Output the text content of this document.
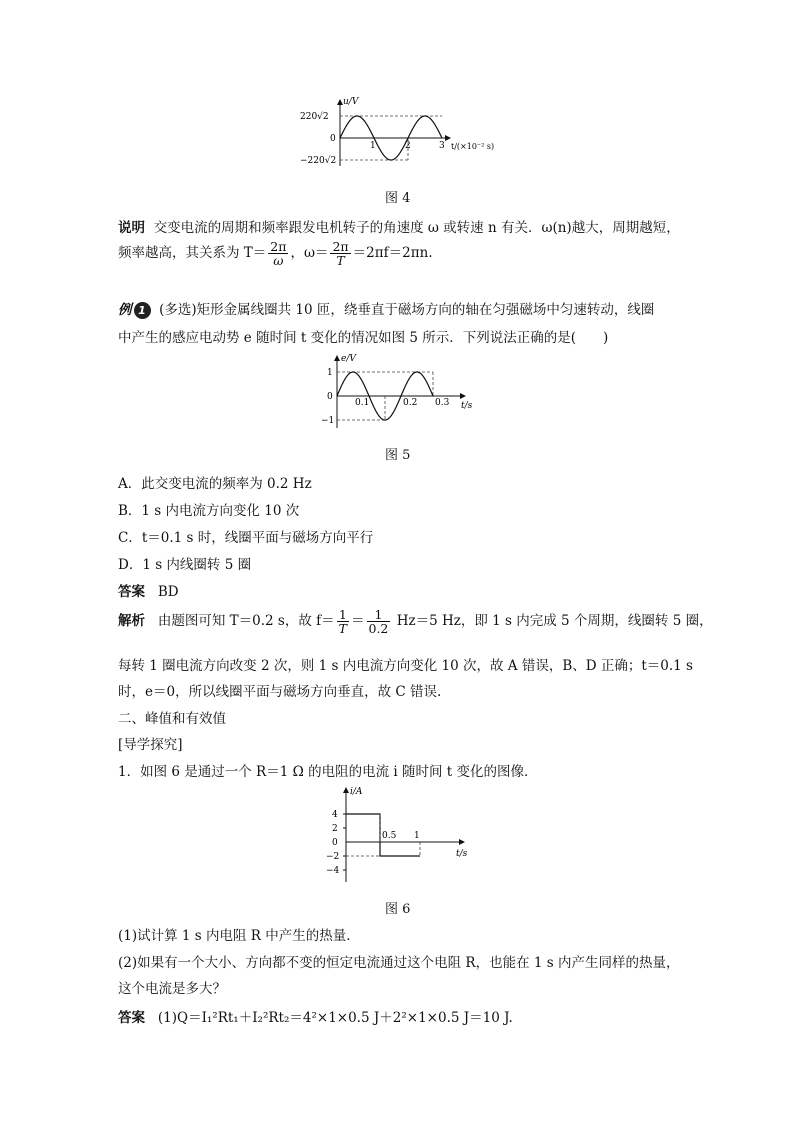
220√2
0
−220√2
u/V
1	2	3 t/(×10⁻² s)
图 4
说明 交变电流的周期和频率跟发电机转子的角速度 ω 或转速 n 有关．ω(n)越大，周期越短，
频率越高，其关系为 $T= \frac{2\pi}{\omega}$ ，$\omega= \frac{2\pi}{T} =2\pi f=2\pi n$.
例 1 (多选)矩形金属线圈共 10 匝，绕垂直于磁场方向的轴在匀强磁场中匀速转动，线圈
中产生的感应电动势 e 随时间 t 变化的情况如图 5 所示．下列说法正确的是(　　)
1
0
−1
e/V
0.1	0.2 0.3 t/s
图 5
A．此交变电流的频率为 0.2 Hz
B．1 s 内电流方向变化 10 次
C．t＝0.1 s 时，线圈平面与磁场方向平行
D．1 s 内线圈转 5 圈
答案 BD
解析 由题图可知 T＝0.2 s，故 $f= \frac{1}{T} = \frac{1}{0.2} Hz=5$ Hz，即 1 s 内完成 5 个周期，线圈转 5 圈，
每转 1 圈电流方向改变 2 次，则 1 s 内电流方向变化 10 次，故 A 错误，B、D 正确；t＝0.1 s
时，e＝0，所以线圈平面与磁场方向垂直，故 C 错误.
二、峰值和有效值
[导学探究]
1．如图 6 是通过一个 R＝1 Ω 的电阻的电流 i 随时间 t 变化的图像．
4
2
0
−2
−4
i/A
0.5 1
t/s
图 6
(1)试计算 1 s 内电阻 R 中产生的热量．
(2)如果有一个大小、方向都不变的恒定电流通过这个电阻 R，也能在 1 s 内产生同样的热量，
这个电流是多大？
答案 (1)Q＝I₁²Rt₁＋I₂²Rt₂＝4²×1×0.5 J＋2²×1×0.5 J＝10 J.
